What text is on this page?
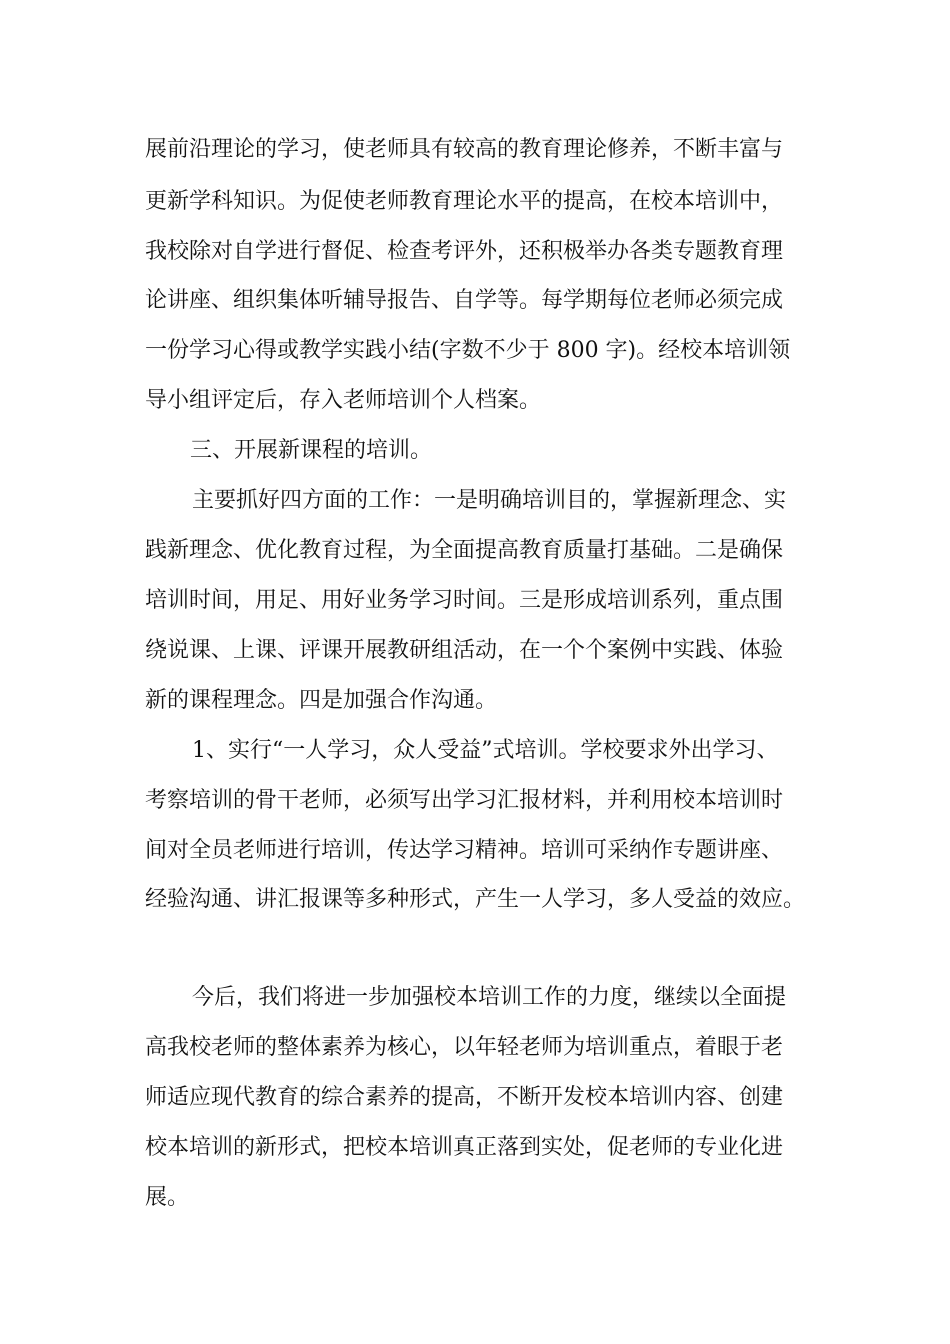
展前沿理论的学习，使老师具有较高的教育理论修养，不断丰富与

更新学科知识。为促使老师教育理论水平的提高，在校本培训中，

我校除对自学进行督促、检查考评外，还积极举办各类专题教育理

论讲座、组织集体听辅导报告、自学等。每学期每位老师必须完成

一份学习心得或教学实践小结(字数不少于 800 字)。经校本培训领

导小组评定后，存入老师培训个人档案。

三、开展新课程的培训。

主要抓好四方面的工作：一是明确培训目的，掌握新理念、实

践新理念、优化教育过程，为全面提高教育质量打基础。二是确保

培训时间，用足、用好业务学习时间。三是形成培训系列，重点围

绕说课、上课、评课开展教研组活动，在一个个案例中实践、体验

新的课程理念。四是加强合作沟通。

1、实行“一人学习，众人受益”式培训。学校要求外出学习、

考察培训的骨干老师，必须写出学习汇报材料，并利用校本培训时

间对全员老师进行培训，传达学习精神。培训可采纳作专题讲座、

经验沟通、讲汇报课等多种形式，产生一人学习，多人受益的效应。

今后，我们将进一步加强校本培训工作的力度，继续以全面提

高我校老师的整体素养为核心，以年轻老师为培训重点，着眼于老

师适应现代教育的综合素养的提高，不断开发校本培训内容、创建

校本培训的新形式，把校本培训真正落到实处，促老师的专业化进

展。
